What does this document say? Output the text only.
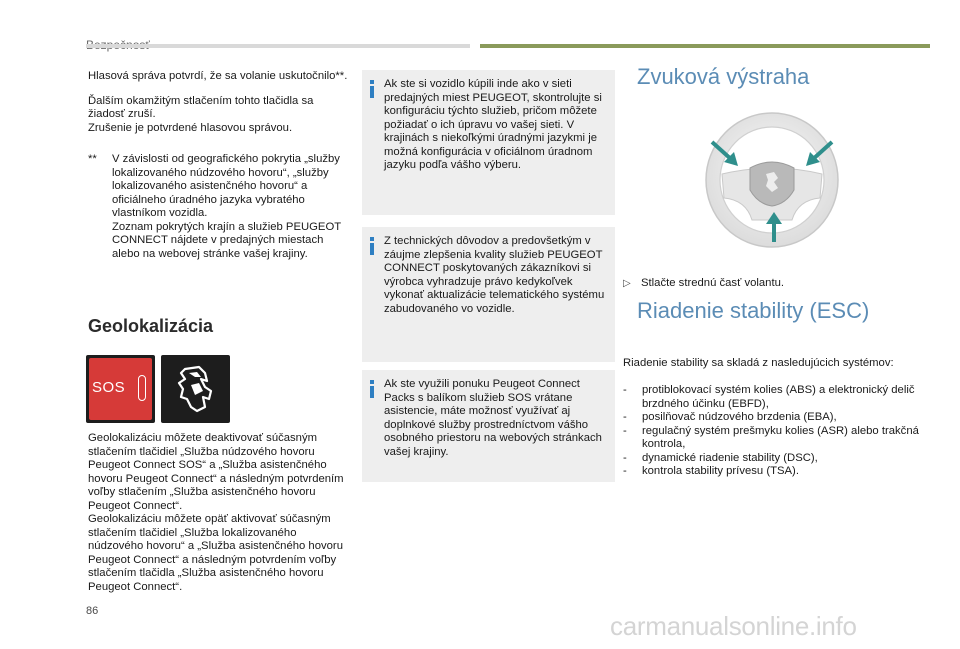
Hlasová správa potvrdí, že sa volanie uskutočnilo**.

Ďalším okamžitým stlačením tohto tlačidla sa žiadosť zruší.
Zrušenie je potvrdené hlasovou správou.

** V závislosti od geografického pokrytia „služby lokalizovaného núdzového hovoru“, „služby lokalizovaného asistenčného hovoru“ a oficiálneho úradného jazyka vybratého vlastníkom vozidla.
Zoznam pokrytých krajín a služieb PEUGEOT CONNECT nájdete v predajných miestach alebo na webovej stránke vašej krajiny.
Geolokalizácia
SOS

Geolokalizáciu môžete deaktivovať súčasným stlačením tlačidiel „Služba núdzového hovoru Peugeot Connect SOS“ a „Služba asistenčného hovoru Peugeot Connect“ a následným potvrdením voľby stlačením „Služba asistenčného hovoru Peugeot Connect“.
Geolokalizáciu môžete opäť aktivovať súčasným stlačením tlačidiel „Služba lokalizovaného núdzového hovoru“ a „Služba asistenčného hovoru Peugeot Connect“ a následným potvrdením voľby stlačením tlačidla „Služba asistenčného hovoru Peugeot Connect“.

Ak ste si vozidlo kúpili inde ako v sieti predajných miest PEUGEOT, skontrolujte si konfiguráciu týchto služieb, pričom môžete požiadať o ich úpravu vo vašej sieti. V krajinách s niekoľkými úradnými jazykmi je možná konfigurácia v oficiálnom úradnom jazyku podľa vášho výberu.

Z technických dôvodov a predovšetkým v záujme zlepšenia kvality služieb PEUGEOT CONNECT poskytovaných zákazníkovi si výrobca vyhradzuje právo kedykoľvek vykonať aktualizácie telematického systému zabudovaného vo vozidle.

Ak ste využili ponuku Peugeot Connect Packs s balíkom služieb SOS vrátane asistencie, máte možnosť využívať aj doplnkové služby prostredníctvom vášho osobného priestoru na webových stránkach vašej krajiny.

Zvuková výstraha
▷ Stlačte strednú časť volantu.
Riadenie stability (ESC)

Riadenie stability sa skladá z nasledujúcich systémov:

- protiblokovací systém kolies (ABS) a elektronický delič brzdného účinku (EBFD),
- posilňovač núdzového brzdenia (EBA),
- regulačný systém prešmyku kolies (ASR) alebo trakčná kontrola,
- dynamické riadenie stability (DSC),
- kontrola stability prívesu (TSA).
86	carmanualsonline.info
